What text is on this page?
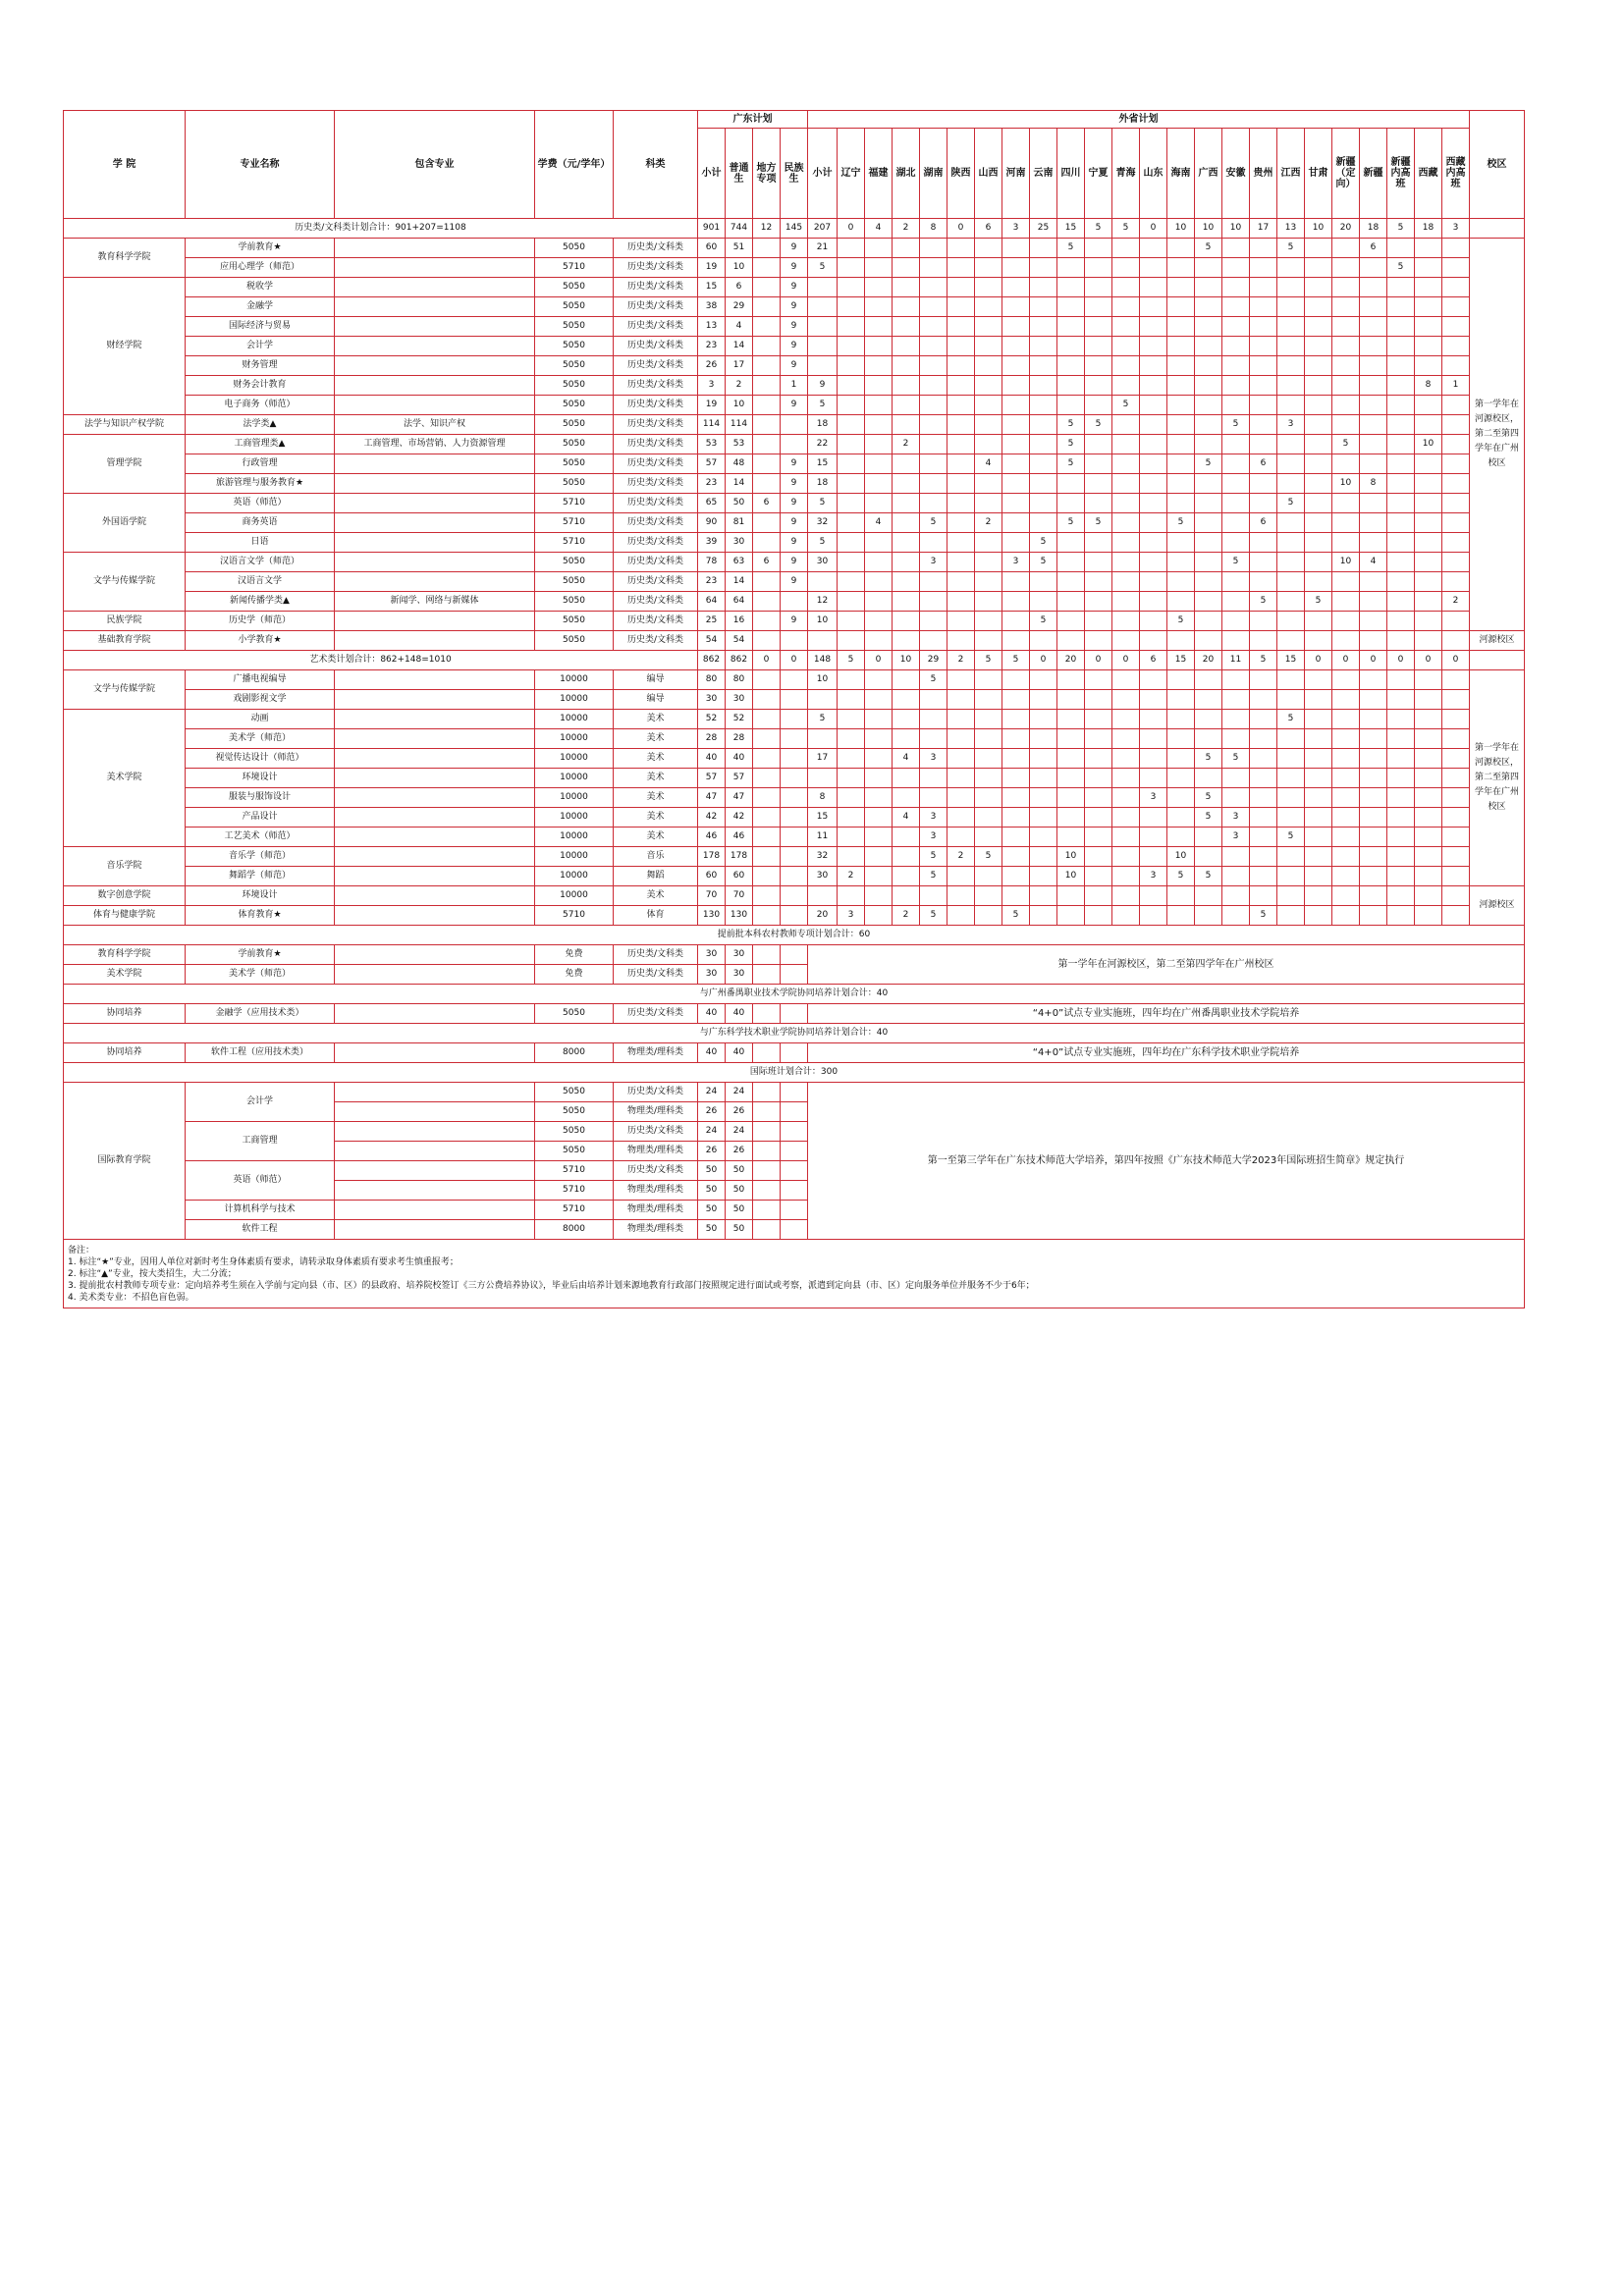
学 院	专业名称	包含专业	学费（元/学年）	科类	广东计划				外省计划																								校区
					小计	普通生	地方专项	民族生	小计	辽宁	福建	湖北	湖南	陕西	山西	河南	云南	四川	宁夏	青海	山东	海南	广西	安徽	贵州	江西	甘肃	新疆（定向）	新疆	新疆内高班	西藏	西藏内高班	
历史类/文科类计划合计：901+207=1108					901	744	12	145	207	0	4	2	8	0	6	3	25	15	5	5	0	10	10	10	17	13	10	20	18	5	18	3	
教育科学学院	学前教育★		5050	历史类/文科类	60	51		9	21									5					5			5			6				第一学年在河源校区，第二至第四学年在广州校区
	应用心理学（师范）		5710	历史类/文科类	19	10		9	5																					5			
财经学院	税收学		5050	历史类/文科类	15	6		9																									
	金融学		5050	历史类/文科类	38	29		9																									
	国际经济与贸易		5050	历史类/文科类	13	4		9																									
	会计学		5050	历史类/文科类	23	14		9																									
	财务管理		5050	历史类/文科类	26	17		9																									
	财务会计教育		5050	历史类/文科类	3	2		1	9																						8	1	
	电子商务（师范）		5050	历史类/文科类	19	10		9	5											5													
法学与知识产权学院	法学类▲	法学、知识产权	5050	历史类/文科类	114	114			18									5	5					5		3							
管理学院	工商管理类▲	工商管理、市场营销、人力资源管理	5050	历史类/文科类	53	53			22			2						5										5			10		
	行政管理		5050	历史类/文科类	57	48		9	15						4			5					5		6								
	旅游管理与服务教育★		5050	历史类/文科类	23	14		9	18																			10	8				
外国语学院	英语（师范）		5710	历史类/文科类	65	50	6	9	5																	5							
	商务英语		5710	历史类/文科类	90	81		9	32		4		5		2			5	5			5			6								
	日语		5710	历史类/文科类	39	30		9	5								5																
文学与传媒学院	汉语言文学（师范）		5050	历史类/文科类	78	63	6	9	30				3			3	5							5				10	4				
	汉语言文学		5050	历史类/文科类	23	14		9																									
	新闻传播学类▲	新闻学、网络与新媒体	5050	历史类/文科类	64	64			12																5		5					2	
民族学院	历史学（师范）		5050	历史类/文科类	25	16		9	10								5					5											
基础教育学院	小学教育★		5050	历史类/文科类	54	54																											河源校区
艺术类计划合计：862+148=1010					862	862	0	0	148	5	0	10	29	2	5	5	0	20	0	0	6	15	20	11	5	15	0	0	0	0	0	0	
文学与传媒学院	广播电视编导		10000	编导	80	80			10				5																				第一学年在河源校区，第二至第四学年在广州校区
	戏剧影视文学		10000	编导	30	30																											
美术学院	动画		10000	美术	52	52			5																	5							
	美术学（师范）		10000	美术	28	28																											
	视觉传达设计（师范）		10000	美术	40	40			17			4	3										5	5									
	环境设计		10000	美术	57	57																											
	服装与服饰设计		10000	美术	47	47			8												3		5										
	产品设计		10000	美术	42	42			15			4	3										5	3									
	工艺美术（师范）		10000	美术	46	46			11				3											3		5							
音乐学院	音乐学（师范）		10000	音乐	178	178			32				5	2	5			10				10											
	舞蹈学（师范）		10000	舞蹈	60	60			30	2			5					10			3	5	5										
数字创意学院	环境设计		10000	美术	70	70																											河源校区
体育与健康学院	体育教育★		5710	体育	130	130			20	3		2	5			5									5								
提前批本科农村教师专项计划合计：60																																	
教育科学学院	学前教育★		免费	历史类/文科类	30	30			第一学年在河源校区，第二至第四学年在广州校区																								
美术学院	美术学（师范）		免费	历史类/文科类	30	30																											
与广州番禺职业技术学院协同培养计划合计：40																																	
协同培养	金融学（应用技术类）		5050	历史类/文科类	40	40			“4+0”试点专业实施班，四年均在广州番禺职业技术学院培养																								
与广东科学技术职业学院协同培养计划合计：40																																	
协同培养	软件工程（应用技术类）		8000	物理类/理科类	40	40			“4+0”试点专业实施班，四年均在广东科学技术职业学院培养																								
国际班计划合计：300																																	
国际教育学院	会计学		5050	历史类/文科类	24	24			第一至第三学年在广东技术师范大学培养，第四年按照《广东技术师范大学2023年国际班招生简章》规定执行																								
			5050	物理类/理科类	26	26																											
	工商管理		5050	历史类/文科类	24	24																											
			5050	物理类/理科类	26	26																											
	英语（师范）		5710	历史类/文科类	50	50																											
			5710	物理类/理科类	50	50																											
	计算机科学与技术		5710	物理类/理科类	50	50																											
	软件工程		8000	物理类/理科类	50	50																											

备注：
1. 标注“★”专业，因用人单位对新时考生身体素质有要求，请转录取身体素质有要求考生慎重报考；
2. 标注“▲”专业，按大类招生，大二分流；
3. 提前批农村教师专项专业：定向培养考生须在入学前与定向县（市、区）的县政府、培养院校签订《三方公费培养协议》，毕业后由培养计划来源地教育行政部门按照规定进行面试或考察，派遣到定向县（市、区）定向服务单位并服务不少于6年；
4. 美术类专业：不招色盲色弱。																																	
